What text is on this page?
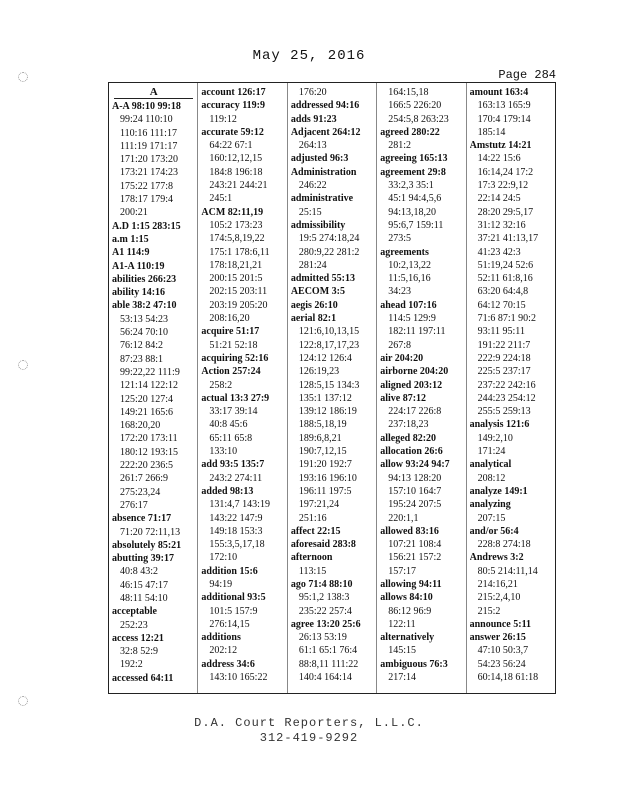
May 25, 2016
Page 284
A
A-A 98:10 99:18
99:24 110:10
110:16 111:17
111:19 171:17
171:20 173:20
173:21 174:23
175:22 177:8
178:17 179:4
200:21
A.D 1:15 283:15
a.m 1:15
A1 114:9
A1-A 110:19
abilities 266:23
ability 14:16
able 38:2 47:10
53:13 54:23
56:24 70:10
76:12 84:2
87:23 88:1
99:22,22 111:9
121:14 122:12
125:20 127:4
149:21 165:6
168:20,20
172:20 173:11
180:12 193:15
222:20 236:5
261:7 266:9
275:23,24
276:17
absence 71:17
71:20 72:11,13
absolutely 85:21
abutting 39:17
40:8 43:2
46:15 47:17
48:11 54:10
acceptable
252:23
access 12:21
32:8 52:9
192:2
accessed 64:11
account 126:17
accuracy 119:9
119:12
accurate 59:12
64:22 67:1
160:12,12,15
184:8 196:18
243:21 244:21
245:1
ACM 82:11,19
105:2 173:23
174:5,8,19,22
175:1 178:6,11
178:18,21,21
200:15 201:5
202:15 203:11
203:19 205:20
208:16,20
acquire 51:17
51:21 52:18
acquiring 52:16
Action 257:24
258:2
actual 13:3 27:9
33:17 39:14
40:8 45:6
65:11 65:8
133:10
add 93:5 135:7
243:2 274:11
added 98:13
131:4,7 143:19
143:22 147:9
149:18 153:3
155:3,5,17,18
172:10
addition 15:6
94:19
additional 93:5
101:5 157:9
276:14,15
additions
202:12
address 34:6
143:10 165:22
176:20
addressed 94:16
adds 91:23
Adjacent 264:12
264:13
adjusted 96:3
Administration
246:22
administrative
25:15
admissibility
19:5 274:18,24
280:9,22 281:2
281:24
admitted 55:13
AECOM 3:5
aegis 26:10
aerial 82:1
121:6,10,13,15
122:8,17,17,23
124:12 126:4
126:19,23
128:5,15 134:3
135:1 137:12
139:12 186:19
188:5,18,19
189:6,8,21
190:7,12,15
191:20 192:7
193:16 196:10
196:11 197:5
197:21,24
251:16
affect 22:15
aforesaid 283:8
afternoon
113:15
ago 71:4 88:10
95:1,2 138:3
235:22 257:4
agree 13:20 25:6
26:13 53:19
61:1 65:1 76:4
88:8,11 111:22
140:4 164:14
164:15,18
166:5 226:20
254:5,8 263:23
agreed 280:22
281:2
agreeing 165:13
agreement 29:8
33:2,3 35:1
45:1 94:4,5,6
94:13,18,20
95:6,7 159:11
273:5
agreements
10:2,13,22
11:5,16,16
34:23
ahead 107:16
114:5 129:9
182:11 197:11
267:8
air 204:20
airborne 204:20
aligned 203:12
alive 87:12
224:17 226:8
237:18,23
alleged 82:20
allocation 26:6
allow 93:24 94:7
94:13 128:20
157:10 164:7
195:24 207:5
220:1,1
allowed 83:16
107:21 108:4
156:21 157:2
157:17
allowing 94:11
allows 84:10
86:12 96:9
122:11
alternatively
145:15
ambiguous 76:3
217:14
amount 163:4
163:13 165:9
170:4 179:14
185:14
Amstutz 14:21
14:22 15:6
16:14,24 17:2
17:3 22:9,12
22:14 24:5
28:20 29:5,17
31:12 32:16
37:21 41:13,17
41:23 42:3
51:19,24 52:6
52:11 61:8,16
63:20 64:4,8
64:12 70:15
71:6 87:1 90:2
93:11 95:11
191:22 211:7
222:9 224:18
225:5 237:17
237:22 242:16
244:23 254:12
255:5 259:13
analysis 121:6
149:2,10
171:24
analytical
208:12
analyze 149:1
analyzing
207:15
and/or 56:4
228:8 274:18
Andrews 3:2
80:5 214:11,14
214:16,21
215:2,4,10
215:2
announce 5:11
answer 26:15
47:10 50:3,7
54:23 56:24
60:14,18 61:18
D.A. Court Reporters, L.L.C.
312-419-9292
